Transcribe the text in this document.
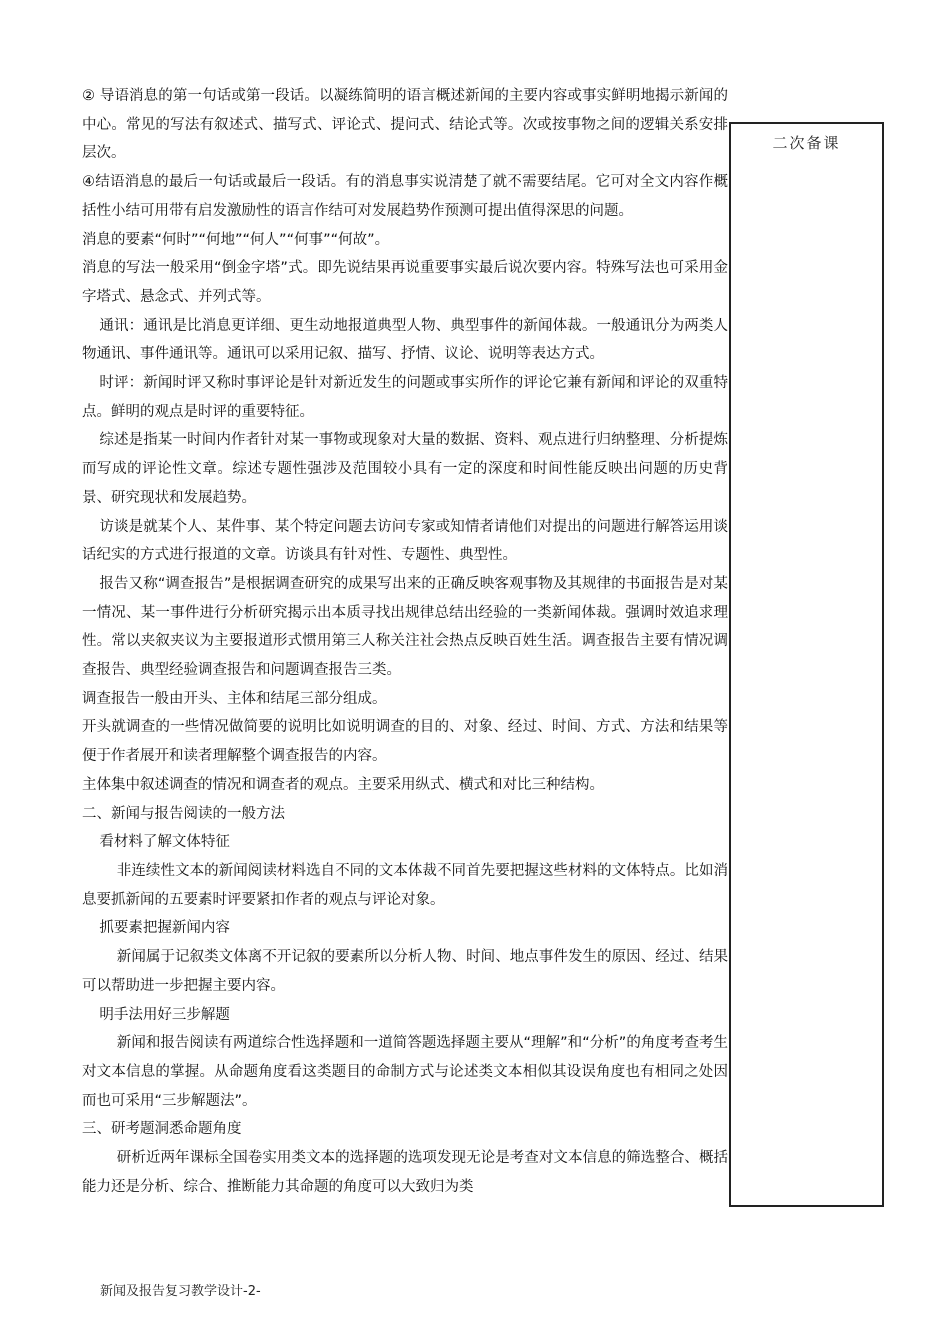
② 导语消息的第一句话或第一段话。以凝练简明的语言概述新闻的主要内容或事实鲜明地揭示新闻的中心。常见的写法有叙述式、描写式、评论式、提问式、结论式等。次或按事物之间的逻辑关系安排层次。

④结语消息的最后一句话或最后一段话。有的消息事实说清楚了就不需要结尾。它可对全文内容作概括性小结可用带有启发激励性的语言作结可对发展趋势作预测可提出值得深思的问题。

消息的要素“何时”“何地”“何人”“何事”“何故”。

消息的写法一般采用“倒金字塔”式。即先说结果再说重要事实最后说次要内容。特殊写法也可采用金字塔式、悬念式、并列式等。

通讯：通讯是比消息更详细、更生动地报道典型人物、典型事件的新闻体裁。一般通讯分为两类人物通讯、事件通讯等。通讯可以采用记叙、描写、抒情、议论、说明等表达方式。

时评：新闻时评又称时事评论是针对新近发生的问题或事实所作的评论它兼有新闻和评论的双重特点。鲜明的观点是时评的重要特征。

综述是指某一时间内作者针对某一事物或现象对大量的数据、资料、观点进行归纳整理、分析提炼而写成的评论性文章。综述专题性强涉及范围较小具有一定的深度和时间性能反映出问题的历史背景、研究现状和发展趋势。

访谈是就某个人、某件事、某个特定问题去访问专家或知情者请他们对提出的问题进行解答运用谈话纪实的方式进行报道的文章。访谈具有针对性、专题性、典型性。

报告又称“调查报告”是根据调查研究的成果写出来的正确反映客观事物及其规律的书面报告是对某一情况、某一事件进行分析研究揭示出本质寻找出规律总结出经验的一类新闻体裁。强调时效追求理性。常以夹叙夹议为主要报道形式惯用第三人称关注社会热点反映百姓生活。调查报告主要有情况调查报告、典型经验调查报告和问题调查报告三类。

调查报告一般由开头、主体和结尾三部分组成。

开头就调查的一些情况做简要的说明比如说明调查的目的、对象、经过、时间、方式、方法和结果等便于作者展开和读者理解整个调查报告的内容。

主体集中叙述调查的情况和调查者的观点。主要采用纵式、横式和对比三种结构。

二、新闻与报告阅读的一般方法

看材料了解文体特征

非连续性文本的新闻阅读材料选自不同的文本体裁不同首先要把握这些材料的文体特点。比如消息要抓新闻的五要素时评要紧扣作者的观点与评论对象。

抓要素把握新闻内容

新闻属于记叙类文体离不开记叙的要素所以分析人物、时间、地点事件发生的原因、经过、结果可以帮助进一步把握主要内容。

明手法用好三步解题

新闻和报告阅读有两道综合性选择题和一道简答题选择题主要从“理解”和“分析”的角度考查考生对文本信息的掌握。从命题角度看这类题目的命制方式与论述类文本相似其设误角度也有相同之处因而也可采用“三步解题法”。

三、研考题洞悉命题角度

研析近两年课标全国卷实用类文本的选择题的选项发现无论是考查对文本信息的筛选整合、概括能力还是分析、综合、推断能力其命题的角度可以大致归为类

二次备课
新闻及报告复习教学设计-2-
